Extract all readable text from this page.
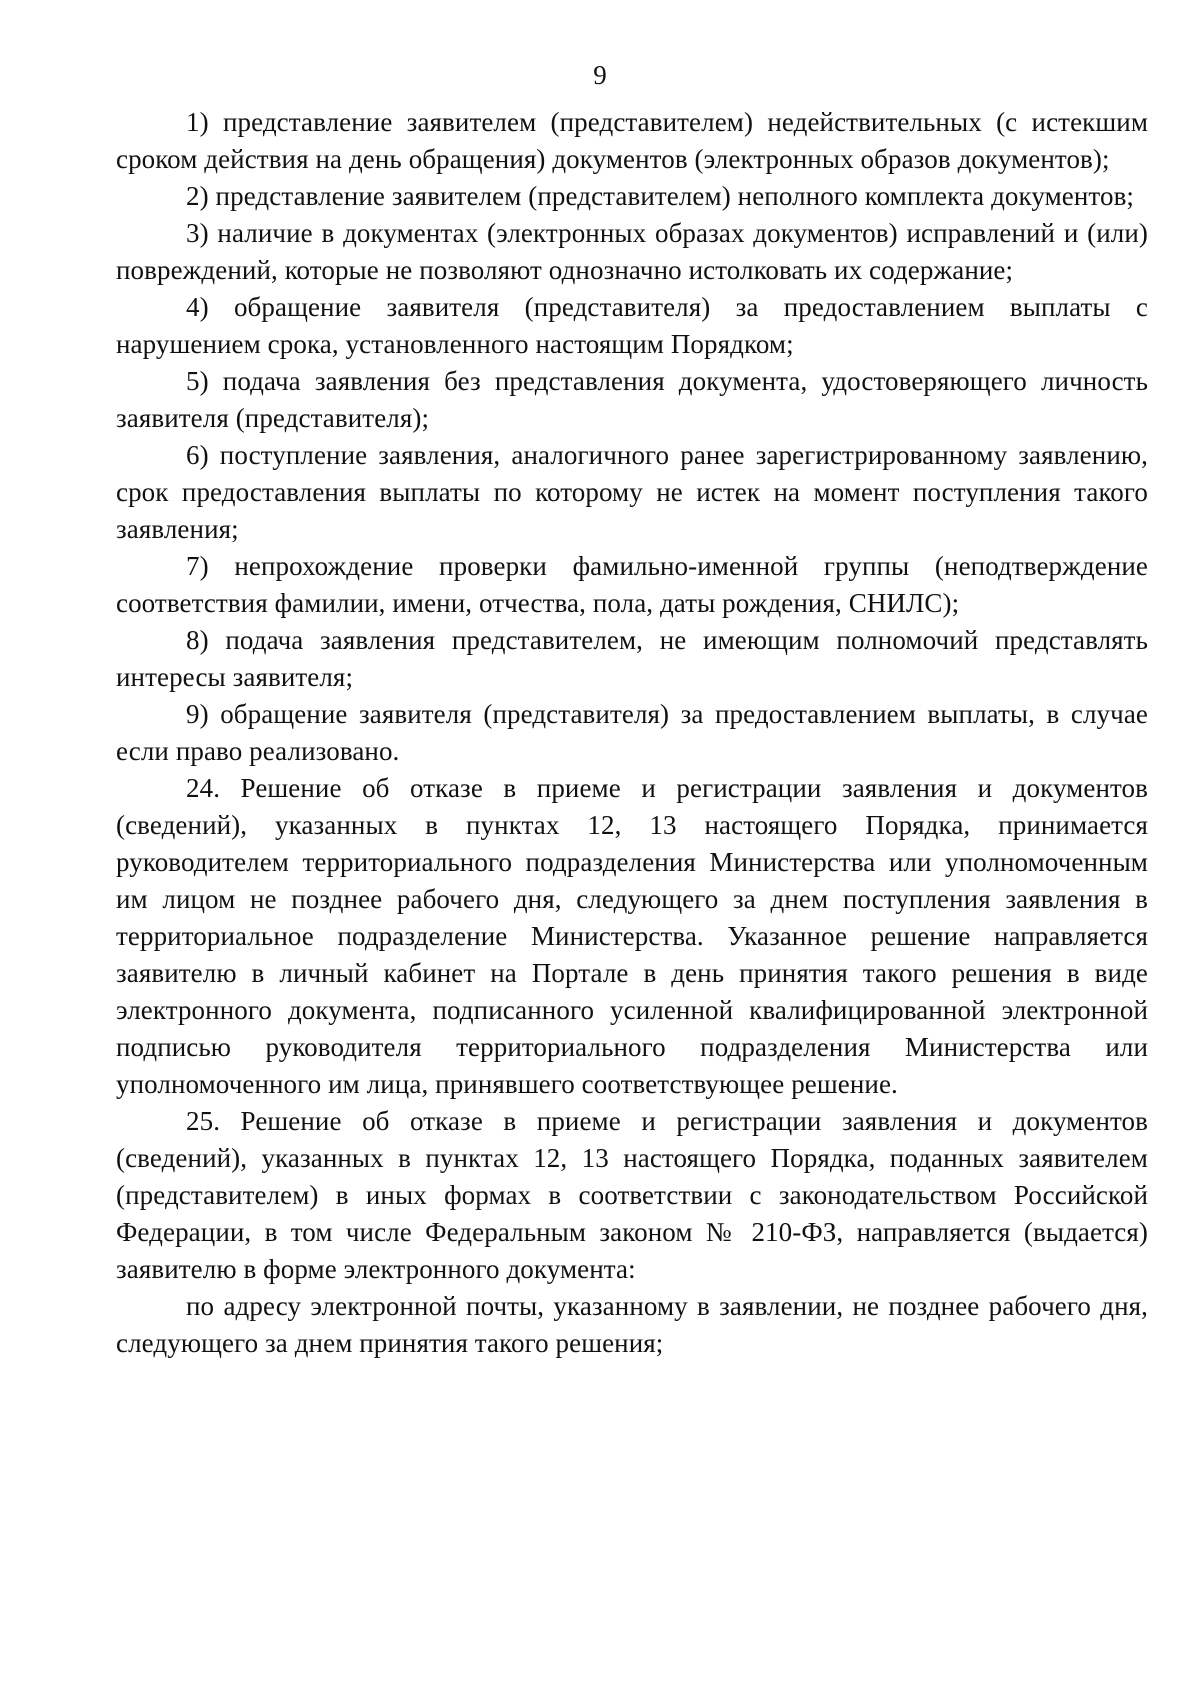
9

1) представление заявителем (представителем) недействительных (с истекшим сроком действия на день обращения) документов (электронных образов документов);

2) представление заявителем (представителем) неполного комплекта документов;

3) наличие в документах (электронных образах документов) исправлений и (или) повреждений, которые не позволяют однозначно истолковать их содержание;

4) обращение заявителя (представителя) за предоставлением выплаты с нарушением срока, установленного настоящим Порядком;

5) подача заявления без представления документа, удостоверяющего личность заявителя (представителя);

6) поступление заявления, аналогичного ранее зарегистрированному заявлению, срок предоставления выплаты по которому не истек на момент поступления такого заявления;

7) непрохождение проверки фамильно-именной группы (неподтверждение соответствия фамилии, имени, отчества, пола, даты рождения, СНИЛС);

8) подача заявления представителем, не имеющим полномочий представлять интересы заявителя;

9) обращение заявителя (представителя) за предоставлением выплаты, в случае если право реализовано.

24. Решение об отказе в приеме и регистрации заявления и документов (сведений), указанных в пунктах 12, 13 настоящего Порядка, принимается руководителем территориального подразделения Министерства или уполномоченным им лицом не позднее рабочего дня, следующего за днем поступления заявления в территориальное подразделение Министерства. Указанное решение направляется заявителю в личный кабинет на Портале в день принятия такого решения в виде электронного документа, подписанного усиленной квалифицированной электронной подписью руководителя территориального подразделения Министерства или уполномоченного им лица, принявшего соответствующее решение.

25. Решение об отказе в приеме и регистрации заявления и документов (сведений), указанных в пунктах 12, 13 настоящего Порядка, поданных заявителем (представителем) в иных формах в соответствии с законодательством Российской Федерации, в том числе Федеральным законом № 210-ФЗ, направляется (выдается) заявителю в форме электронного документа:

по адресу электронной почты, указанному в заявлении, не позднее рабочего дня, следующего за днем принятия такого решения;
